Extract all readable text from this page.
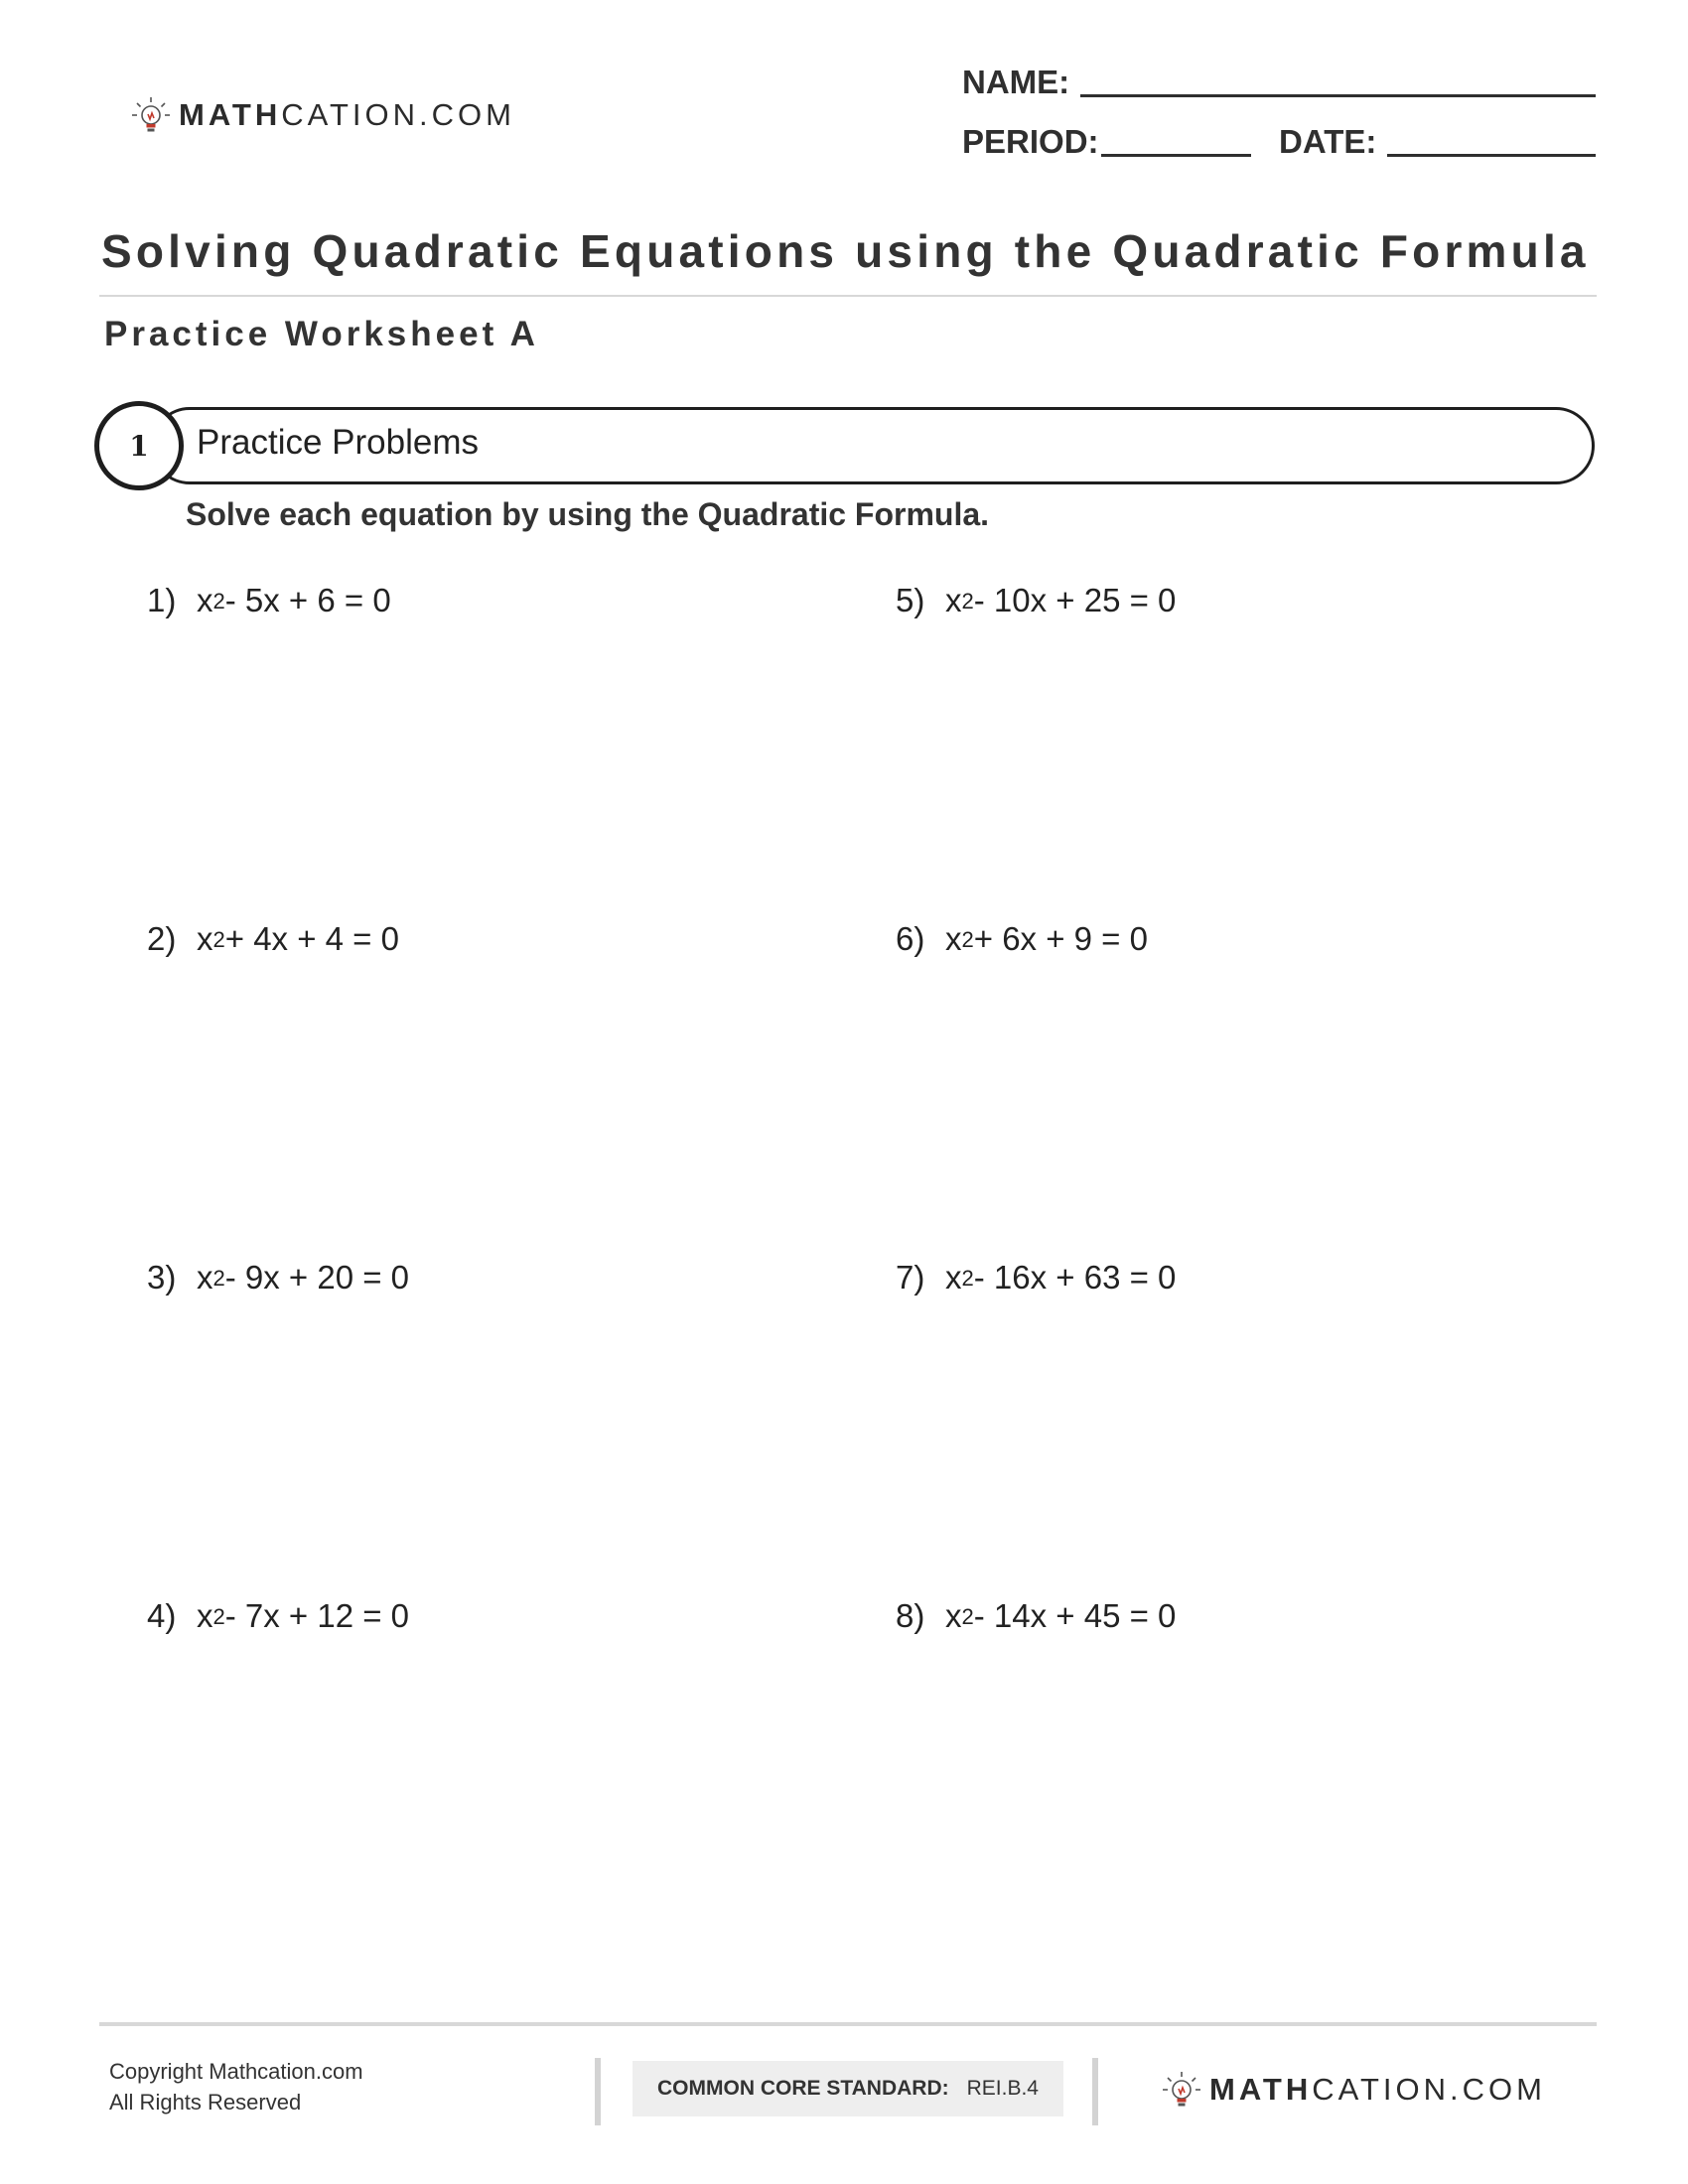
MATHCATION.COM
NAME:
PERIOD:	DATE:
Solving Quadratic Equations using the Quadratic Formula
Practice Worksheet A
1 Practice Problems
Solve each equation by using the Quadratic Formula.
1) $x^2 - 5x + 6 = 0$
2) $x^2 + 4x + 4 = 0$
3) $x^2 - 9x + 20 = 0$
4) $x^2 - 7x + 12 = 0$
5) $x^2 - 10x + 25 = 0$
6) $x^2 + 6x + 9 = 0$
7) $x^2 - 16x + 63 = 0$
8) $x^2 - 14x + 45 = 0$
Copyright Mathcation.com
All Rights Reserved
COMMON CORE STANDARD: REI.B.4	MATHCATION.COM
